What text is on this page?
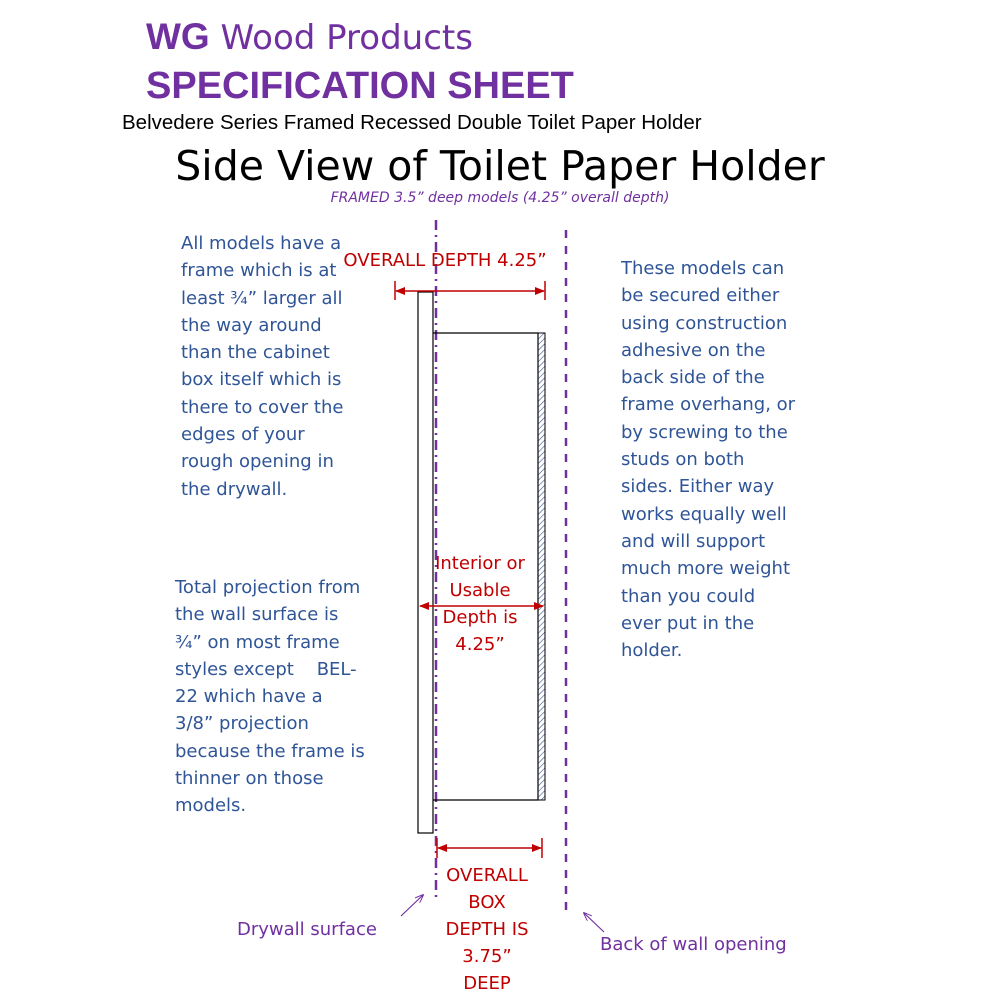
WG Wood Products

SPECIFICATION SHEET

Belvedere Series Framed Recessed Double Toilet Paper Holder

Side View of Toilet Paper Holder

FRAMED 3.5” deep models (4.25” overall depth)

OVERALL DEPTH 4.25”

Interior or Usable Depth is 4.25”

OVERALL BOX DEPTH IS 3.75” DEEP

All models have a frame which is at least ¾” larger all the way around than the cabinet box itself which is there to cover the edges of your rough opening in the drywall.

Total projection from the wall surface is ¾” on most frame styles except    BEL-22 which have a 3/8” projection because the frame is thinner on those models.

These models can be secured either using construction adhesive on the back side of the frame overhang, or by screwing to the studs on both sides. Either way works equally well and will support much more weight than you could ever put in the holder.

Drywall surface

Back of wall opening
